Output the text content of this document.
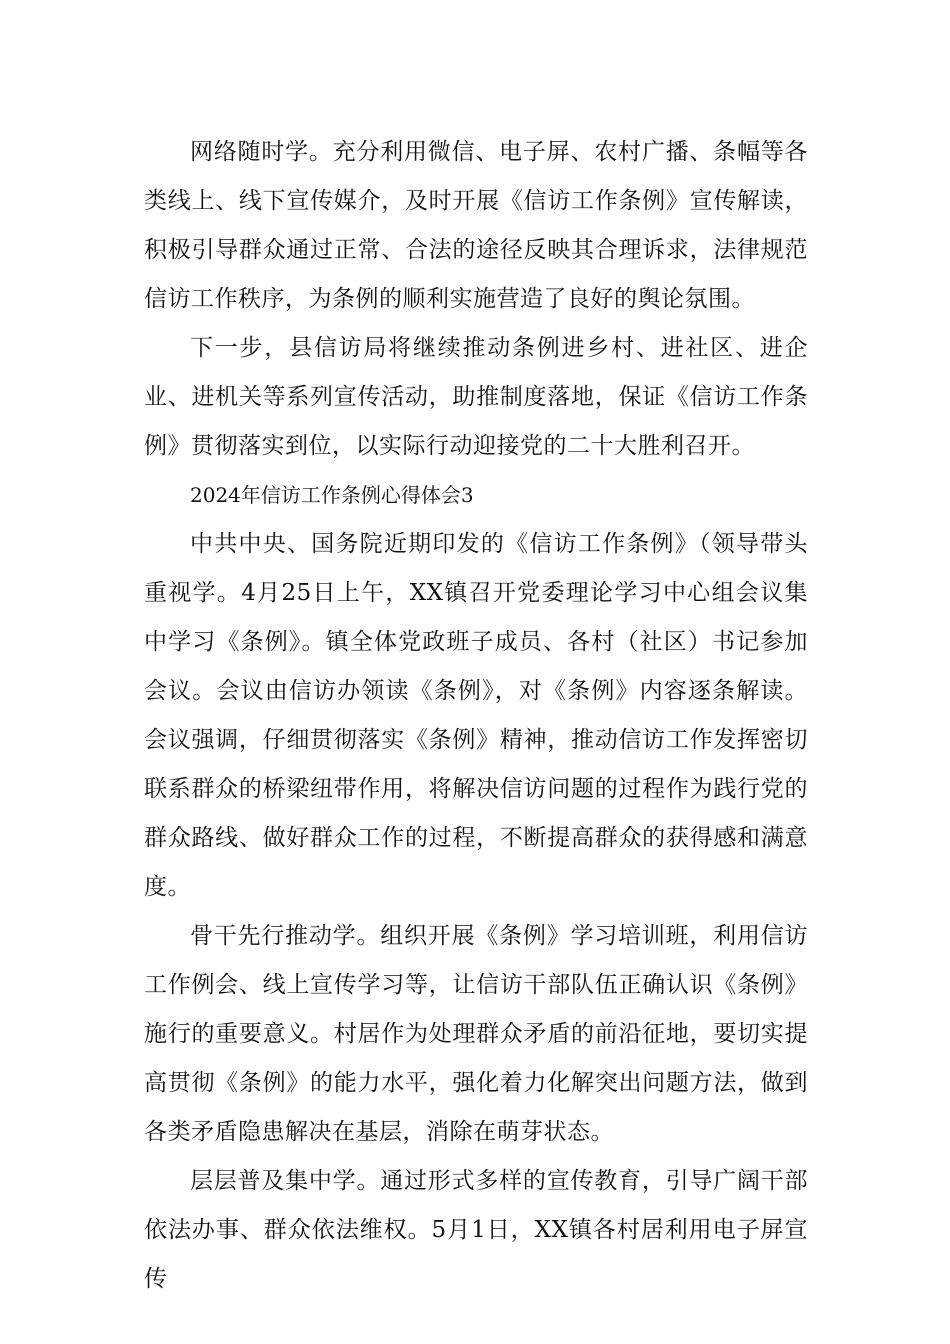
网络随时学。充分利用微信、电子屏、农村广播、条幅等各类线上、线下宣传媒介，及时开展《信访工作条例》宣传解读，积极引导群众通过正常、合法的途径反映其合理诉求，法律规范信访工作秩序，为条例的顺利实施营造了良好的舆论氛围。

下一步，县信访局将继续推动条例进乡村、进社区、进企业、进机关等系列宣传活动，助推制度落地，保证《信访工作条例》贯彻落实到位，以实际行动迎接党的二十大胜利召开。

2024年信访工作条例心得体会3

中共中央、国务院近期印发的《信访工作条例》（领导带头重视学。4月25日上午，XX镇召开党委理论学习中心组会议集中学习《条例》。镇全体党政班子成员、各村（社区）书记参加会议。会议由信访办领读《条例》，对《条例》内容逐条解读。会议强调，仔细贯彻落实《条例》精神，推动信访工作发挥密切联系群众的桥梁纽带作用，将解决信访问题的过程作为践行党的群众路线、做好群众工作的过程，不断提高群众的获得感和满意度。

骨干先行推动学。组织开展《条例》学习培训班，利用信访工作例会、线上宣传学习等，让信访干部队伍正确认识《条例》施行的重要意义。村居作为处理群众矛盾的前沿征地，要切实提高贯彻《条例》的能力水平，强化着力化解突出问题方法，做到各类矛盾隐患解决在基层，消除在萌芽状态。

层层普及集中学。通过形式多样的宣传教育，引导广阔干部依法办事、群众依法维权。5月1日，XX镇各村居利用电子屏宣传
